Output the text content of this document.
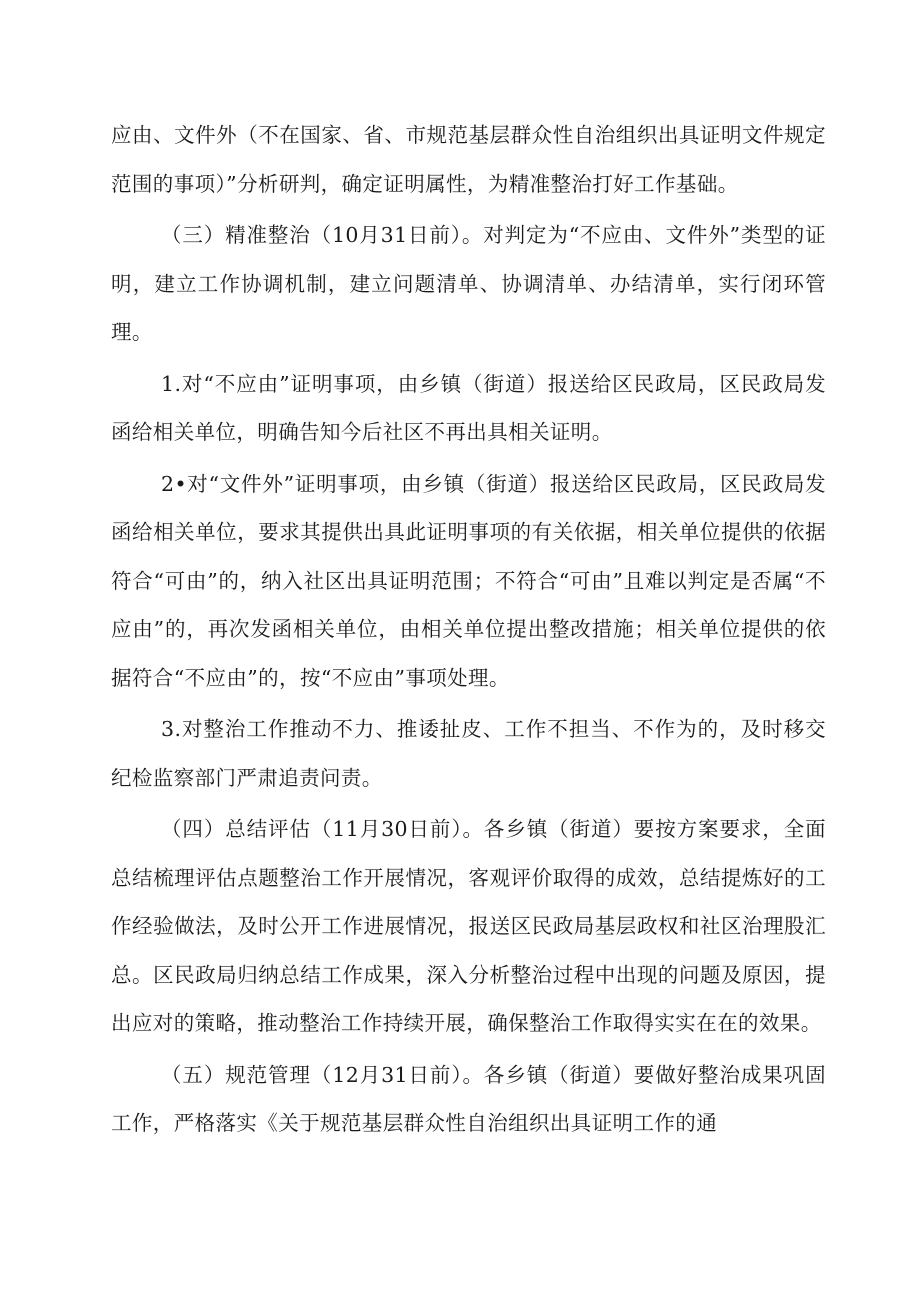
应由、文件外（不在国家、省、市规范基层群众性自治组织出具证明文件规定范围的事项）”分析研判，确定证明属性，为精准整治打好工作基础。

（三）精准整治（10月31日前）。对判定为“不应由、文件外”类型的证明，建立工作协调机制，建立问题清单、协调清单、办结清单，实行闭环管理。

1.对“不应由”证明事项，由乡镇（街道）报送给区民政局，区民政局发函给相关单位，明确告知今后社区不再出具相关证明。

2•对“文件外”证明事项，由乡镇（街道）报送给区民政局，区民政局发函给相关单位，要求其提供出具此证明事项的有关依据，相关单位提供的依据符合“可由”的，纳入社区出具证明范围；不符合“可由”且难以判定是否属“不应由”的，再次发函相关单位，由相关单位提出整改措施；相关单位提供的依据符合“不应由”的，按“不应由”事项处理。

3.对整治工作推动不力、推诿扯皮、工作不担当、不作为的，及时移交纪检监察部门严肃追责问责。

（四）总结评估（11月30日前）。各乡镇（街道）要按方案要求，全面总结梳理评估点题整治工作开展情况，客观评价取得的成效，总结提炼好的工作经验做法，及时公开工作进展情况，报送区民政局基层政权和社区治理股汇总。区民政局归纳总结工作成果，深入分析整治过程中出现的问题及原因，提出应对的策略，推动整治工作持续开展，确保整治工作取得实实在在的效果。

（五）规范管理（12月31日前）。各乡镇（街道）要做好整治成果巩固工作，严格落实《关于规范基层群众性自治组织出具证明工作的通
